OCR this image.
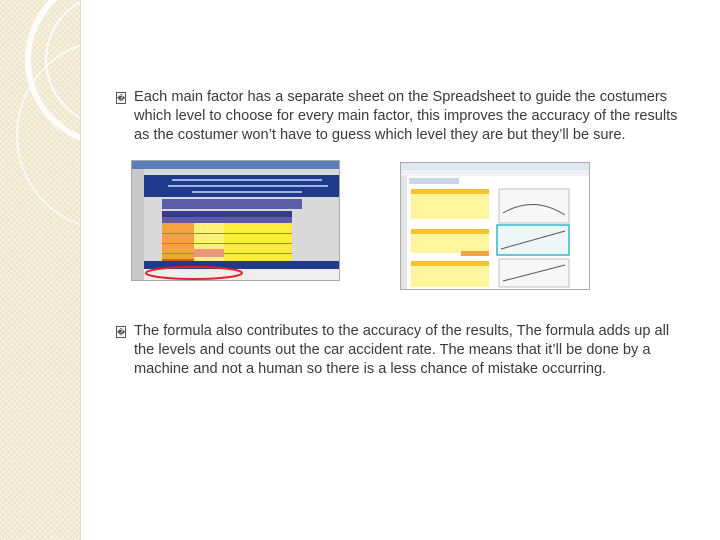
� Each main factor has a separate sheet on the Spreadsheet to guide the costumers which level to choose for every main factor, this improves the accuracy of the results as the costumer won’t have to guess which level they are but they’ll be sure.

� The formula also contributes to the accuracy of the results, The formula adds up all the levels and counts out the car accident rate. The means that it’ll be done by a machine and not a human so there is a less chance of mistake occurring.
